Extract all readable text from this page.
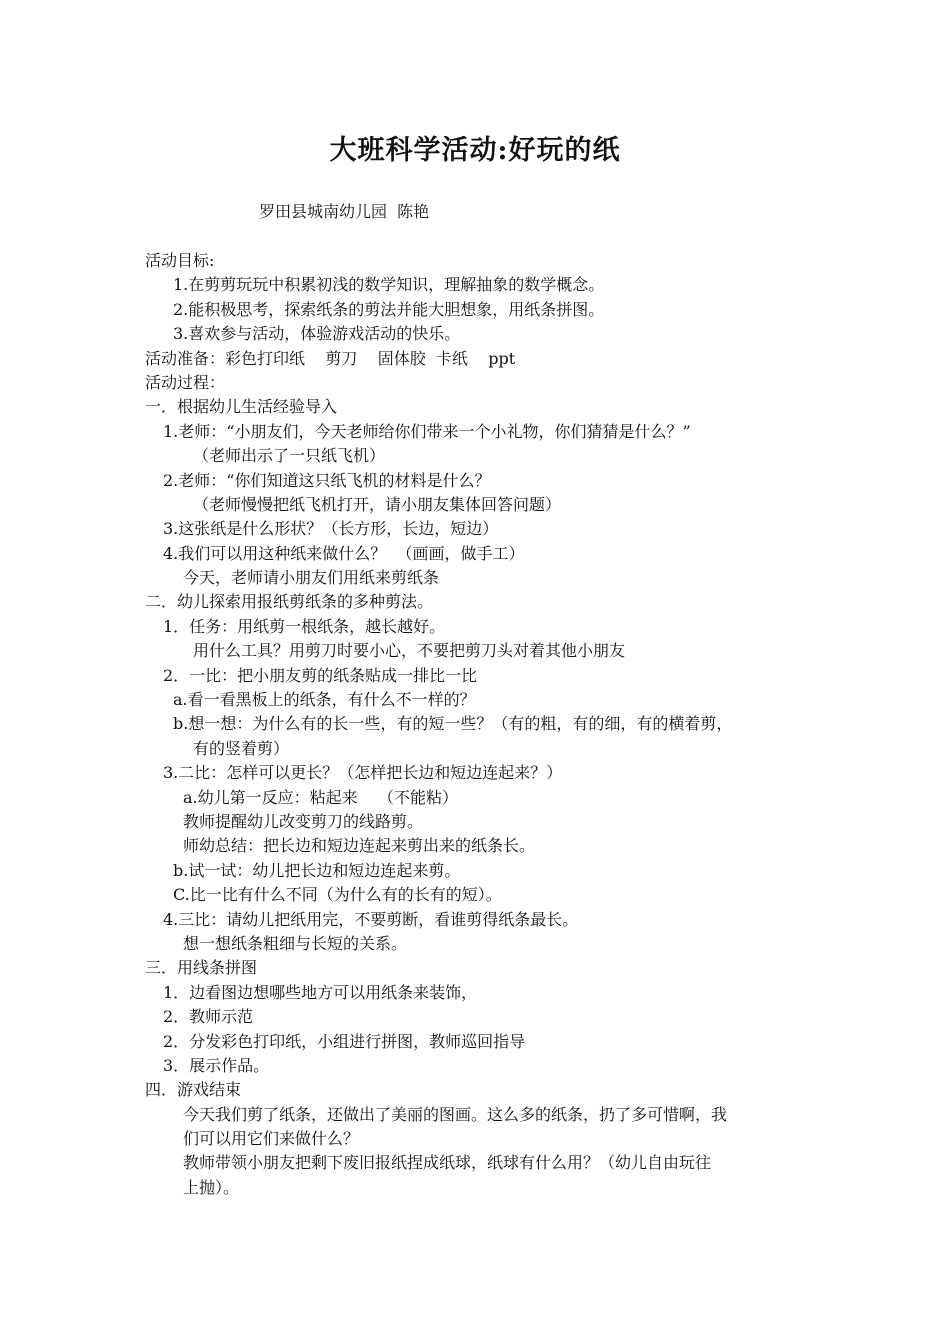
大班科学活动:好玩的纸
罗田县城南幼儿园  陈艳
活动目标:
1.在剪剪玩玩中积累初浅的数学知识，理解抽象的数学概念。
2.能积极思考，探索纸条的剪法并能大胆想象，用纸条拼图。
3.喜欢参与活动，体验游戏活动的快乐。
活动准备：彩色打印纸    剪刀    固体胶  卡纸    ppt
活动过程：
一．根据幼儿生活经验导入
1.老师：“小朋友们，今天老师给你们带来一个小礼物，你们猜猜是什么？”
（老师出示了一只纸飞机）
2.老师：“你们知道这只纸飞机的材料是什么？
（老师慢慢把纸飞机打开，请小朋友集体回答问题）
3.这张纸是什么形状？（长方形，长边，短边）
4.我们可以用这种纸来做什么？  （画画，做手工）
今天，老师请小朋友们用纸来剪纸条
二．幼儿探索用报纸剪纸条的多种剪法。
1．任务：用纸剪一根纸条，越长越好。
用什么工具？用剪刀时要小心，不要把剪刀头对着其他小朋友
2．一比：把小朋友剪的纸条贴成一排比一比
a.看一看黑板上的纸条，有什么不一样的？
b.想一想：为什么有的长一些，有的短一些？（有的粗，有的细，有的横着剪，
有的竖着剪）
3.二比：怎样可以更长？（怎样把长边和短边连起来？）
a.幼儿第一反应：粘起来    （不能粘）
教师提醒幼儿改变剪刀的线路剪。
师幼总结：把长边和短边连起来剪出来的纸条长。
b.试一试：幼儿把长边和短边连起来剪。
C.比一比有什么不同（为什么有的长有的短）。
4.三比：请幼儿把纸用完，不要剪断，看谁剪得纸条最长。
想一想纸条粗细与长短的关系。
三．用线条拼图
1．边看图边想哪些地方可以用纸条来装饰，
2．教师示范
2．分发彩色打印纸，小组进行拼图，教师巡回指导
3．展示作品。
四．游戏结束
今天我们剪了纸条，还做出了美丽的图画。这么多的纸条，扔了多可惜啊，我
们可以用它们来做什么？
教师带领小朋友把剩下废旧报纸捏成纸球，纸球有什么用？（幼儿自由玩往
上抛）。
